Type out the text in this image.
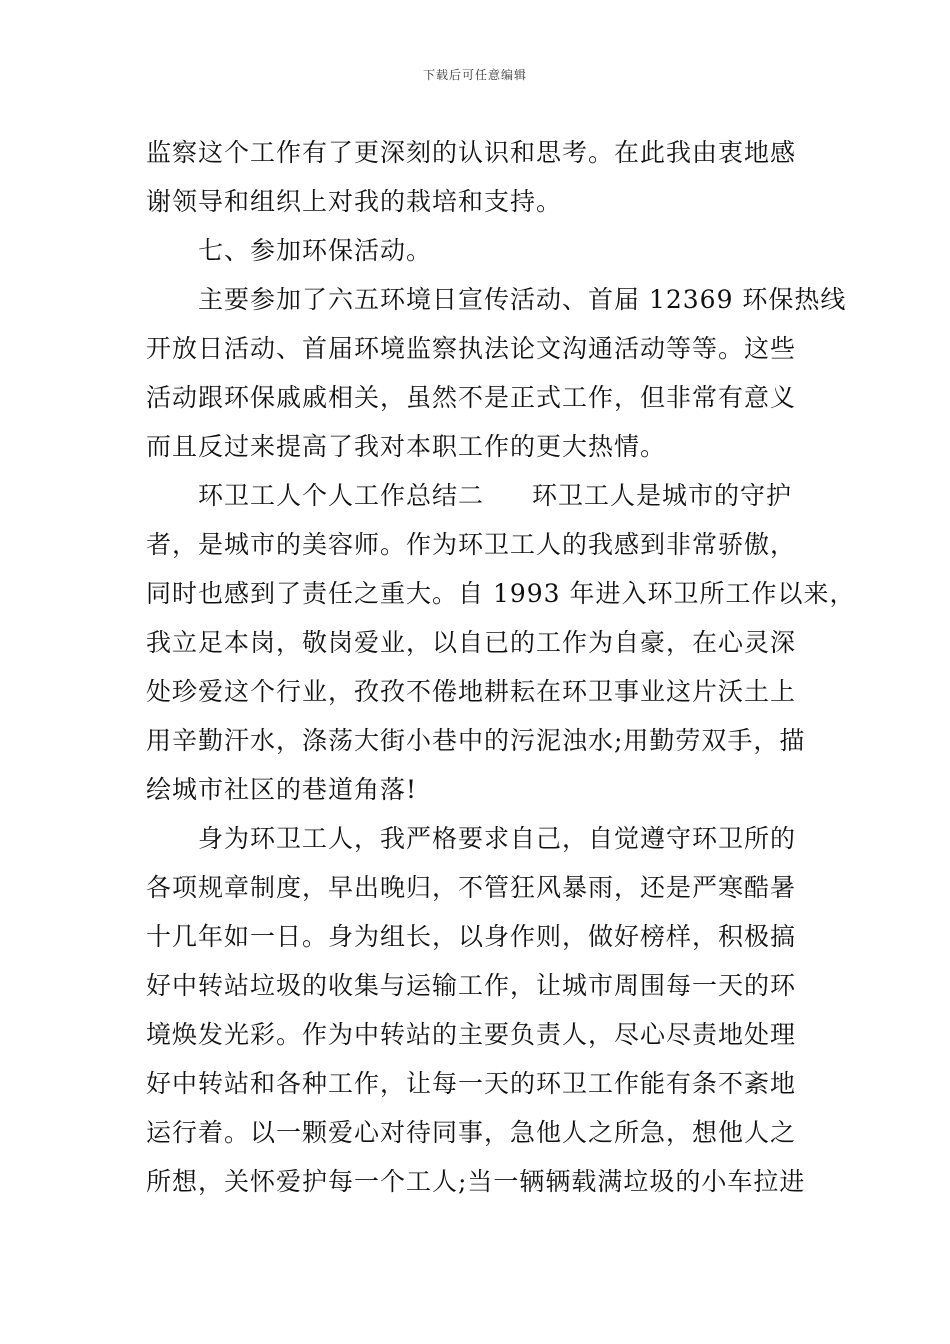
下载后可任意编辑

监察这个工作有了更深刻的认识和思考。在此我由衷地感
谢领导和组织上对我的栽培和支持。

七、参加环保活动。

主要参加了六五环境日宣传活动、首届 12369 环保热线
开放日活动、首届环境监察执法论文沟通活动等等。这些
活动跟环保戚戚相关，虽然不是正式工作，但非常有意义
而且反过来提高了我对本职工作的更大热情。

环卫工人个人工作总结二 环卫工人是城市的守护
者，是城市的美容师。作为环卫工人的我感到非常骄傲，
同时也感到了责任之重大。自 1993 年进入环卫所工作以来，
我立足本岗，敬岗爱业，以自已的工作为自豪，在心灵深
处珍爱这个行业，孜孜不倦地耕耘在环卫事业这片沃土上
用辛勤汗水，涤荡大街小巷中的污泥浊水;用勤劳双手，描
绘城市社区的巷道角落!

身为环卫工人，我严格要求自己，自觉遵守环卫所的
各项规章制度，早出晚归，不管狂风暴雨，还是严寒酷暑
十几年如一日。身为组长，以身作则，做好榜样，积极搞
好中转站垃圾的收集与运输工作，让城市周围每一天的环
境焕发光彩。作为中转站的主要负责人，尽心尽责地处理
好中转站和各种工作，让每一天的环卫工作能有条不紊地
运行着。以一颗爱心对待同事，急他人之所急，想他人之
所想，关怀爱护每一个工人;当一辆辆载满垃圾的小车拉进
